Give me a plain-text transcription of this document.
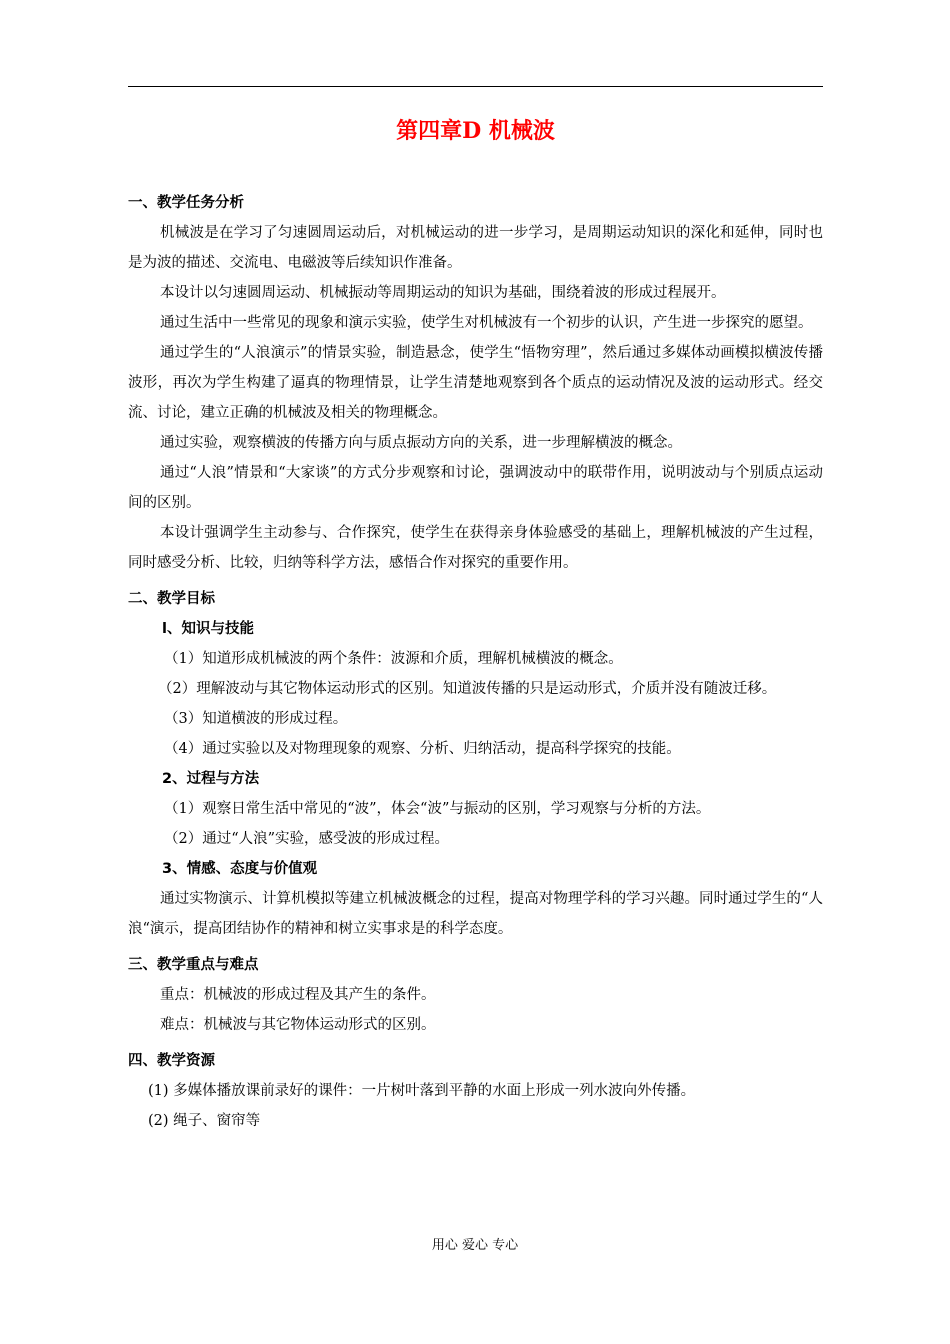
第四章D 机械波
一、教学任务分析
机械波是在学习了匀速圆周运动后，对机械运动的进一步学习，是周期运动知识的深化和延伸，同时也是为波的描述、交流电、电磁波等后续知识作准备。
本设计以匀速圆周运动、机械振动等周期运动的知识为基础，围绕着波的形成过程展开。
通过生活中一些常见的现象和演示实验，使学生对机械波有一个初步的认识，产生进一步探究的愿望。
通过学生的“人浪演示”的情景实验，制造悬念，使学生“悟物穷理”，然后通过多媒体动画模拟横波传播波形，再次为学生构建了逼真的物理情景，让学生清楚地观察到各个质点的运动情况及波的运动形式。经交流、讨论，建立正确的机械波及相关的物理概念。
通过实验，观察横波的传播方向与质点振动方向的关系，进一步理解横波的概念。
通过“人浪”情景和“大家谈”的方式分步观察和讨论，强调波动中的联带作用，说明波动与个别质点运动间的区别。
本设计强调学生主动参与、合作探究，使学生在获得亲身体验感受的基础上，理解机械波的产生过程，同时感受分析、比较，归纳等科学方法，感悟合作对探究的重要作用。
二、教学目标
l、知识与技能
（1）知道形成机械波的两个条件：波源和介质，理解机械横波的概念。
（2）理解波动与其它物体运动形式的区别。知道波传播的只是运动形式，介质并没有随波迁移。
（3）知道横波的形成过程。
（4）通过实验以及对物理现象的观察、分析、归纳活动，提高科学探究的技能。
2、过程与方法
（1）观察日常生活中常见的“波”，体会“波”与振动的区别，学习观察与分析的方法。
（2）通过“人浪”实验，感受波的形成过程。
3、情感、态度与价值观
通过实物演示、计算机模拟等建立机械波概念的过程，提高对物理学科的学习兴趣。同时通过学生的“人浪“演示，提高团结协作的精神和树立实事求是的科学态度。
三、教学重点与难点
重点：机械波的形成过程及其产生的条件。
难点：机械波与其它物体运动形式的区别。
四、教学资源
(1) 多媒体播放课前录好的课件：一片树叶落到平静的水面上形成一列水波向外传播。
(2) 绳子、窗帘等
用心 爱心 专心
